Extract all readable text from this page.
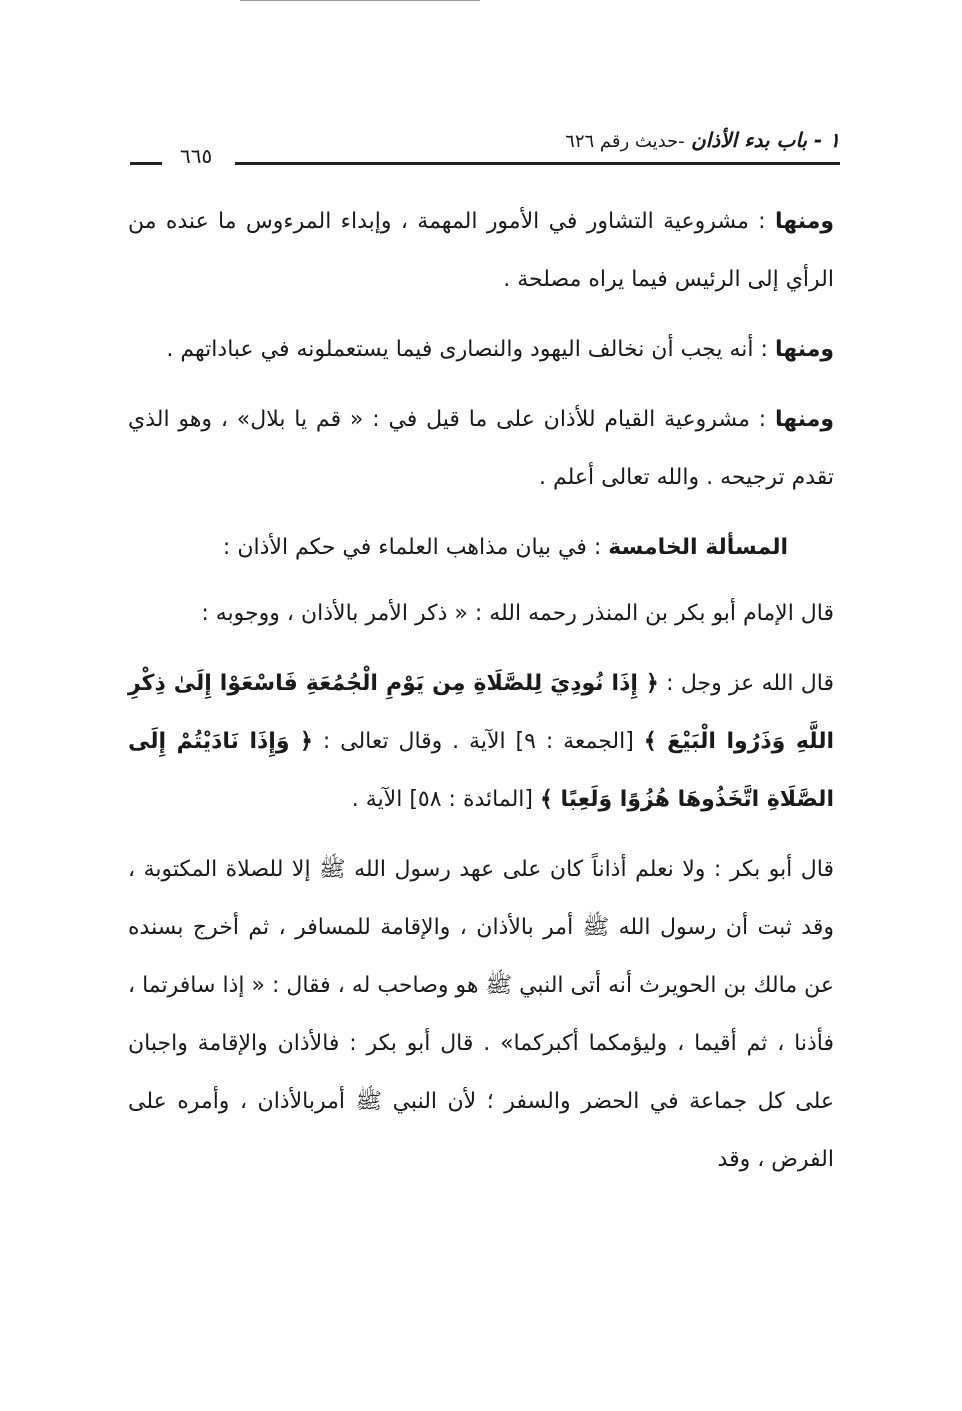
١ - باب بدء الأذان -حديث رقم ٦٢٦
٦٦٥

ومنها : مشروعية التشاور في الأمور المهمة ، وإبداء المرءوس ما عنده من الرأي إلى الرئيس فيما يراه مصلحة .

ومنها : أنه يجب أن نخالف اليهود والنصارى فيما يستعملونه في عباداتهم .

ومنها : مشروعية القيام للأذان على ما قيل في : « قم يا بلال» ، وهو الذي تقدم ترجيحه . والله تعالى أعلم .

المسألة الخامسة : في بيان مذاهب العلماء في حكم الأذان :

قال الإمام أبو بكر بن المنذر رحمه الله : « ذكر الأمر بالأذان ، ووجوبه :

قال الله عز وجل : ﴿ إِذَا نُودِيَ لِلصَّلَاةِ مِن يَوْمِ الْجُمُعَةِ فَاسْعَوْا إِلَىٰ ذِكْرِ اللَّهِ وَذَرُوا الْبَيْعَ ﴾ [الجمعة : ٩] الآية . وقال تعالى : ﴿ وَإِذَا نَادَيْتُمْ إِلَى الصَّلَاةِ اتَّخَذُوهَا هُزُوًا وَلَعِبًا ﴾ [المائدة : ٥٨] الآية .

قال أبو بكر : ولا نعلم أذاناً كان على عهد رسول الله ﷺ إلا للصلاة المكتوبة ، وقد ثبت أن رسول الله ﷺ أمر بالأذان ، والإقامة للمسافر ، ثم أخرج بسنده عن مالك بن الحويرث أنه أتى النبي ﷺ هو وصاحب له ، فقال : « إذا سافرتما ، فأذنا ، ثم أقيما ، وليؤمكما أكبركما» . قال أبو بكر : فالأذان والإقامة واجبان على كل جماعة في الحضر والسفر ؛ لأن النبي ﷺ أمربالأذان ، وأمره على الفرض ، وقد
